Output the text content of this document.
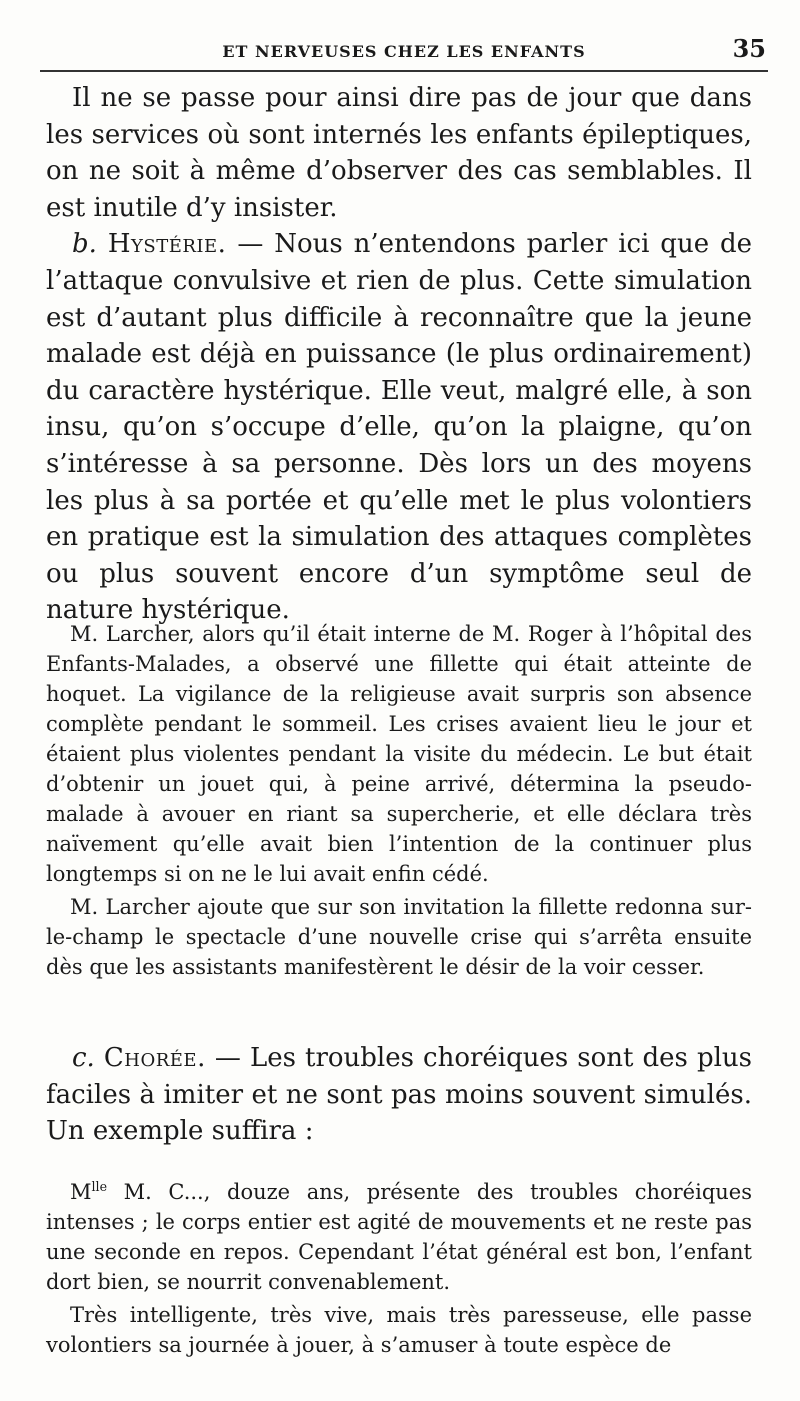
ET NERVEUSES CHEZ LES ENFANTS	35

Il ne se passe pour ainsi dire pas de jour que dans les services où sont internés les enfants épileptiques, on ne soit à même d’observer des cas semblables. Il est inutile d’y insister.

b. Hystérie. — Nous n’entendons parler ici que de l’attaque convulsive et rien de plus. Cette simulation est d’autant plus difficile à reconnaître que la jeune malade est déjà en puissance (le plus ordinairement) du caractère hystérique. Elle veut, malgré elle, à son insu, qu’on s’occupe d’elle, qu’on la plaigne, qu’on s’intéresse à sa personne. Dès lors un des moyens les plus à sa portée et qu’elle met le plus volontiers en pratique est la simulation des attaques complètes ou plus souvent encore d’un symptôme seul de nature hystérique.

M. Larcher, alors qu’il était interne de M. Roger à l’hôpital des Enfants-Malades, a observé une fillette qui était atteinte de hoquet. La vigilance de la religieuse avait surpris son absence complète pendant le sommeil. Les crises avaient lieu le jour et étaient plus violentes pendant la visite du médecin. Le but était d’obtenir un jouet qui, à peine arrivé, détermina la pseudo-malade à avouer en riant sa supercherie, et elle déclara très naïvement qu’elle avait bien l’intention de la continuer plus longtemps si on ne le lui avait enfin cédé.

M. Larcher ajoute que sur son invitation la fillette redonna sur-le-champ le spectacle d’une nouvelle crise qui s’arrêta ensuite dès que les assistants manifestèrent le désir de la voir cesser.

c. Chorée. — Les troubles choréiques sont des plus faciles à imiter et ne sont pas moins souvent simulés. Un exemple suffira :

$M^{lle}$ M. C..., douze ans, présente des troubles choréiques intenses ; le corps entier est agité de mouvements et ne reste pas une seconde en repos. Cependant l’état général est bon, l’enfant dort bien, se nourrit convenablement.

Très intelligente, très vive, mais très paresseuse, elle passe volontiers sa journée à jouer, à s’amuser à toute espèce de
